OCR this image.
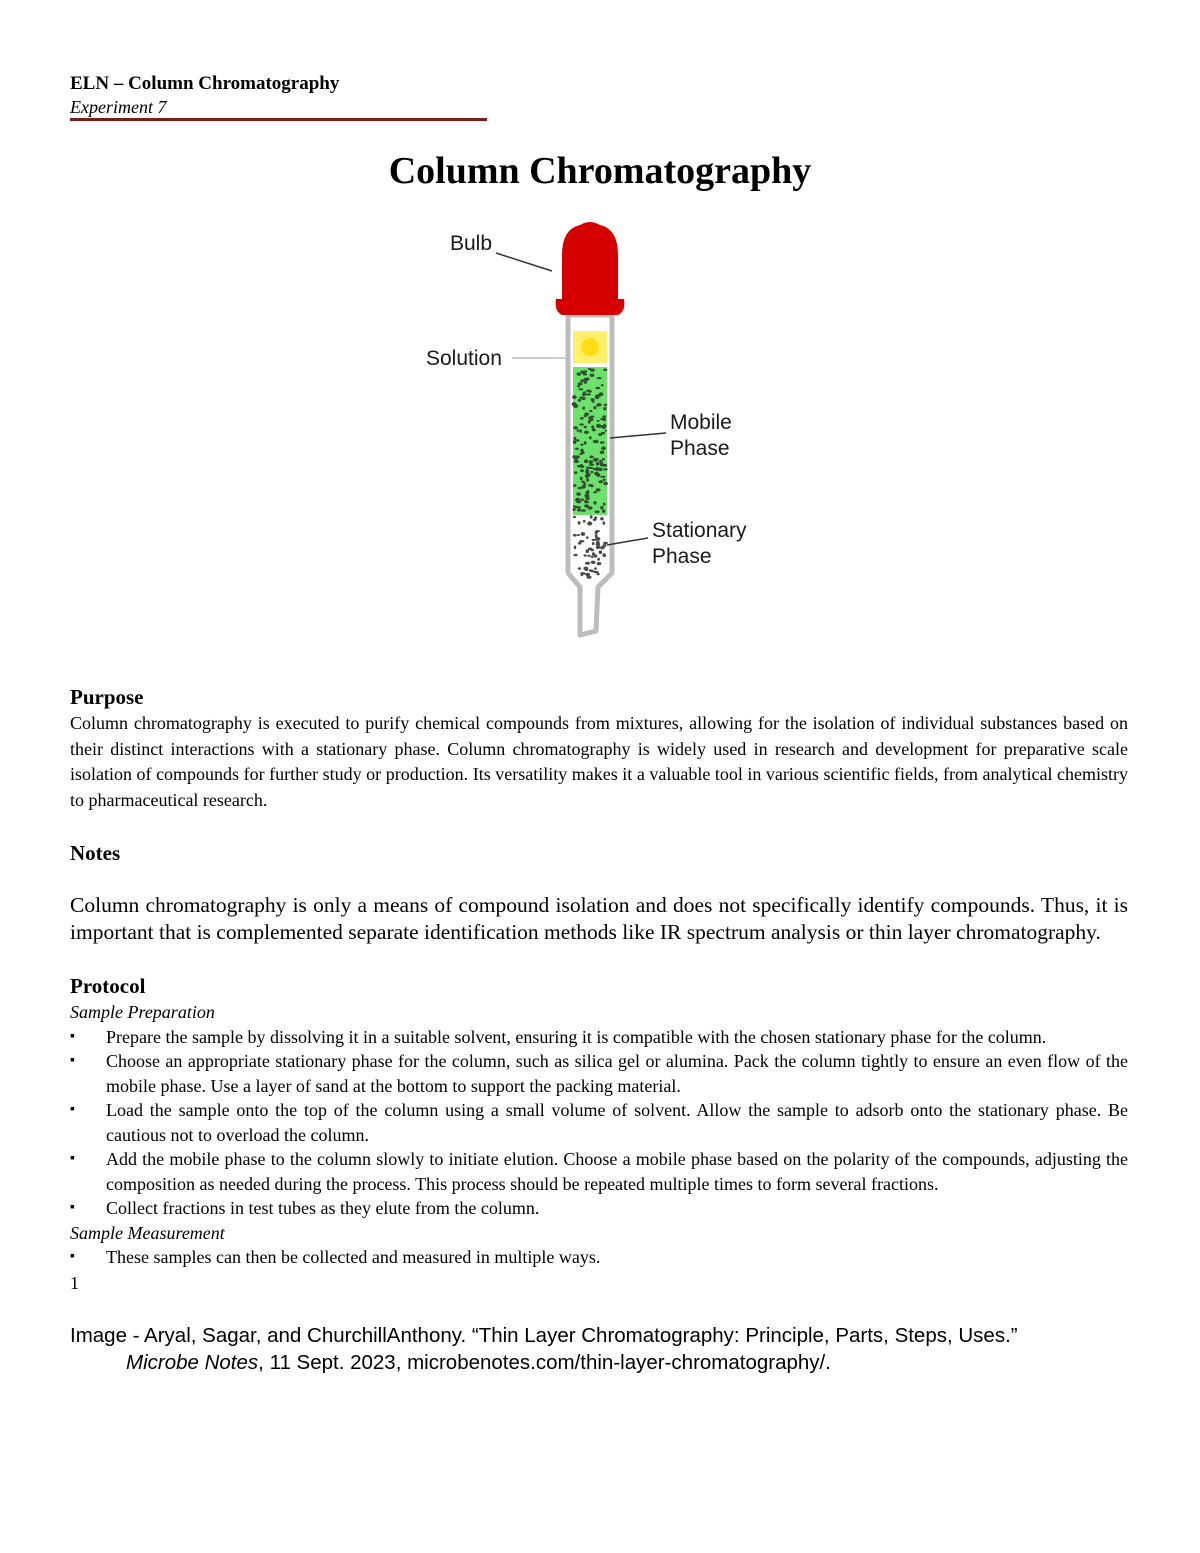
ELN – Column Chromatography
Experiment 7
Column Chromatography
Bulb
Solution
Mobile
Phase
Stationary
Phase
Purpose
Column chromatography is executed to purify chemical compounds from mixtures, allowing for the isolation of individual substances based on their distinct interactions with a stationary phase. Column chromatography is widely used in research and development for preparative scale isolation of compounds for further study or production. Its versatility makes it a valuable tool in various scientific fields, from analytical chemistry to pharmaceutical research.
Notes
Column chromatography is only a means of compound isolation and does not specifically identify compounds. Thus, it is important that is complemented separate identification methods like IR spectrum analysis or thin layer chromatography.
Protocol
Sample Preparation
▪ Prepare the sample by dissolving it in a suitable solvent, ensuring it is compatible with the chosen stationary phase for the column.
▪ Choose an appropriate stationary phase for the column, such as silica gel or alumina. Pack the column tightly to ensure an even flow of the mobile phase. Use a layer of sand at the bottom to support the packing material.
▪ Load the sample onto the top of the column using a small volume of solvent. Allow the sample to adsorb onto the stationary phase. Be cautious not to overload the column.
▪ Add the mobile phase to the column slowly to initiate elution. Choose a mobile phase based on the polarity of the compounds, adjusting the composition as needed during the process. This process should be repeated multiple times to form several fractions.
▪ Collect fractions in test tubes as they elute from the column.
Sample Measurement
▪ These samples can then be collected and measured in multiple ways.
1
Image - Aryal, Sagar, and ChurchillAnthony. “Thin Layer Chromatography: Principle, Parts, Steps, Uses.”
Microbe Notes, 11 Sept. 2023, microbenotes.com/thin-layer-chromatography/.
